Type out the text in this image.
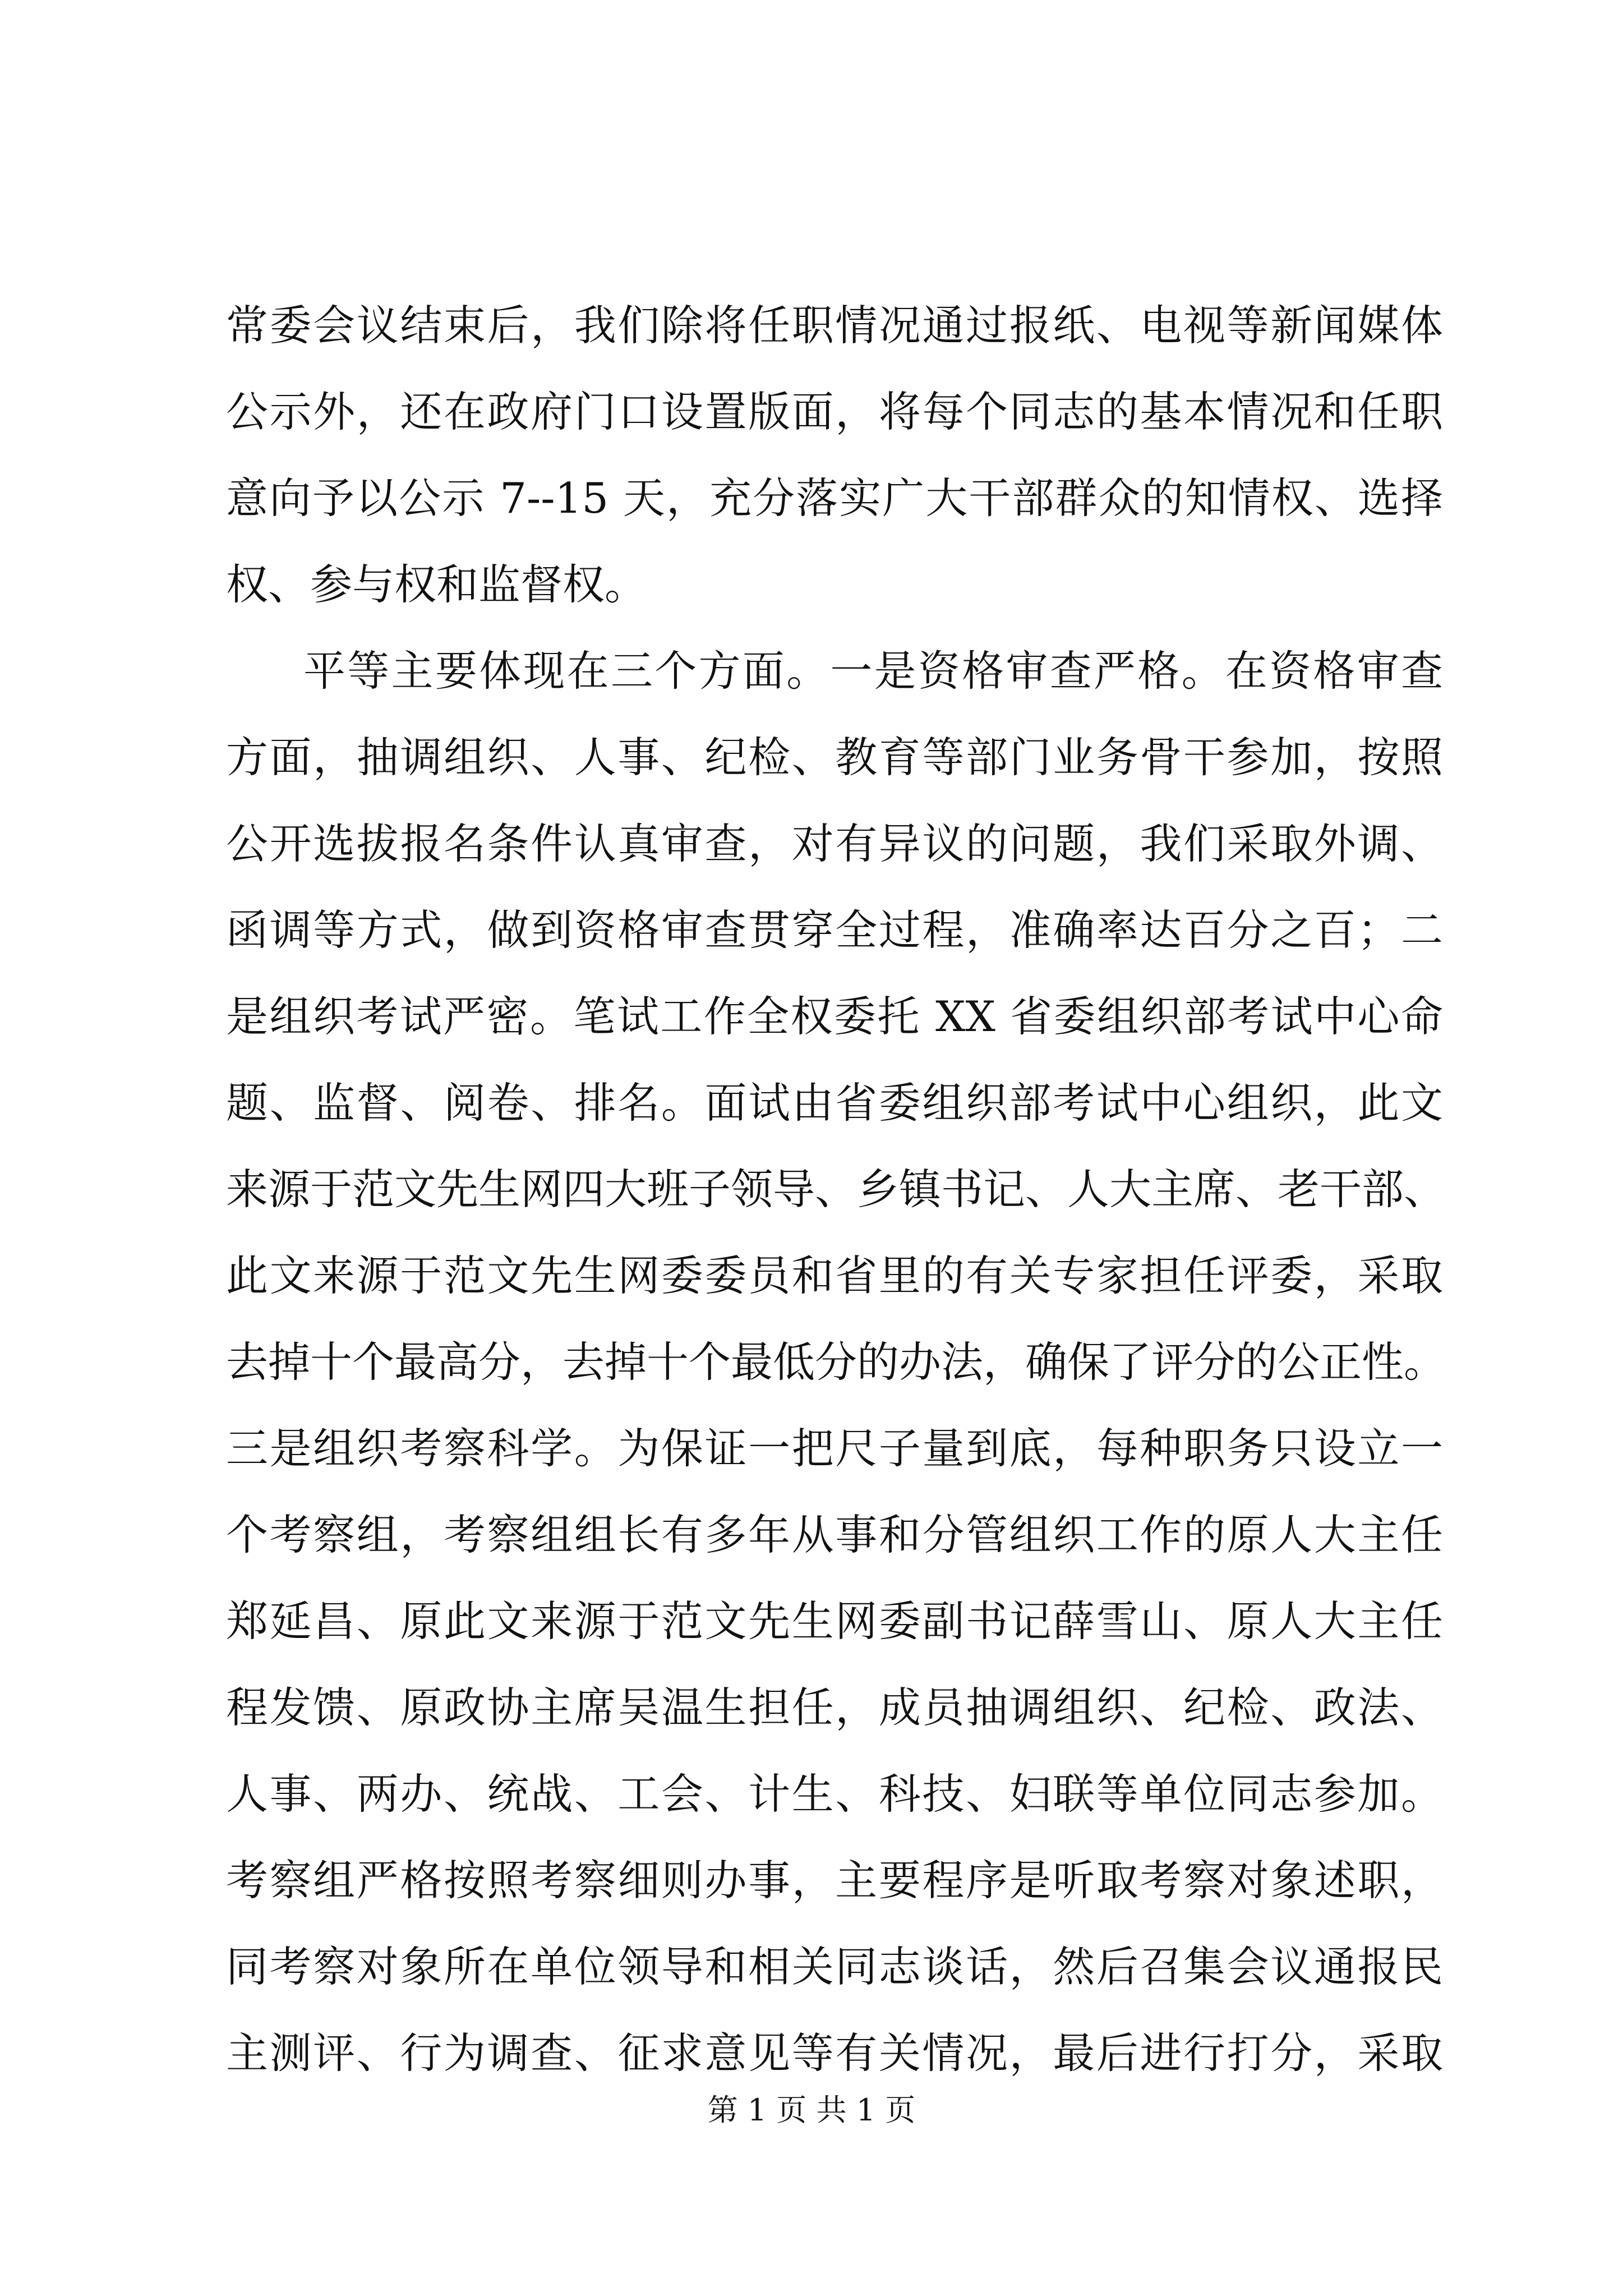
常委会议结束后，我们除将任职情况通过报纸、电视等新闻媒体
公示外，还在政府门口设置版面，将每个同志的基本情况和任职
意向予以公示 7--15 天，充分落实广大干部群众的知情权、选择
权、参与权和监督权。
平等主要体现在三个方面。一是资格审查严格。在资格审查
方面，抽调组织、人事、纪检、教育等部门业务骨干参加，按照
公开选拔报名条件认真审查，对有异议的问题，我们采取外调、
函调等方式，做到资格审查贯穿全过程，准确率达百分之百；二
是组织考试严密。笔试工作全权委托 XX 省委组织部考试中心命
题、监督、阅卷、排名。面试由省委组织部考试中心组织，此文
来源于范文先生网四大班子领导、乡镇书记、人大主席、老干部、
此文来源于范文先生网委委员和省里的有关专家担任评委，采取
去掉十个最高分，去掉十个最低分的办法，确保了评分的公正性。
三是组织考察科学。为保证一把尺子量到底，每种职务只设立一
个考察组，考察组组长有多年从事和分管组织工作的原人大主任
郑延昌、原此文来源于范文先生网委副书记薛雪山、原人大主任
程发馈、原政协主席吴温生担任，成员抽调组织、纪检、政法、
人事、两办、统战、工会、计生、科技、妇联等单位同志参加。
考察组严格按照考察细则办事，主要程序是听取考察对象述职，
同考察对象所在单位领导和相关同志谈话，然后召集会议通报民
主测评、行为调查、征求意见等有关情况，最后进行打分，采取
第 1 页 共 1 页
